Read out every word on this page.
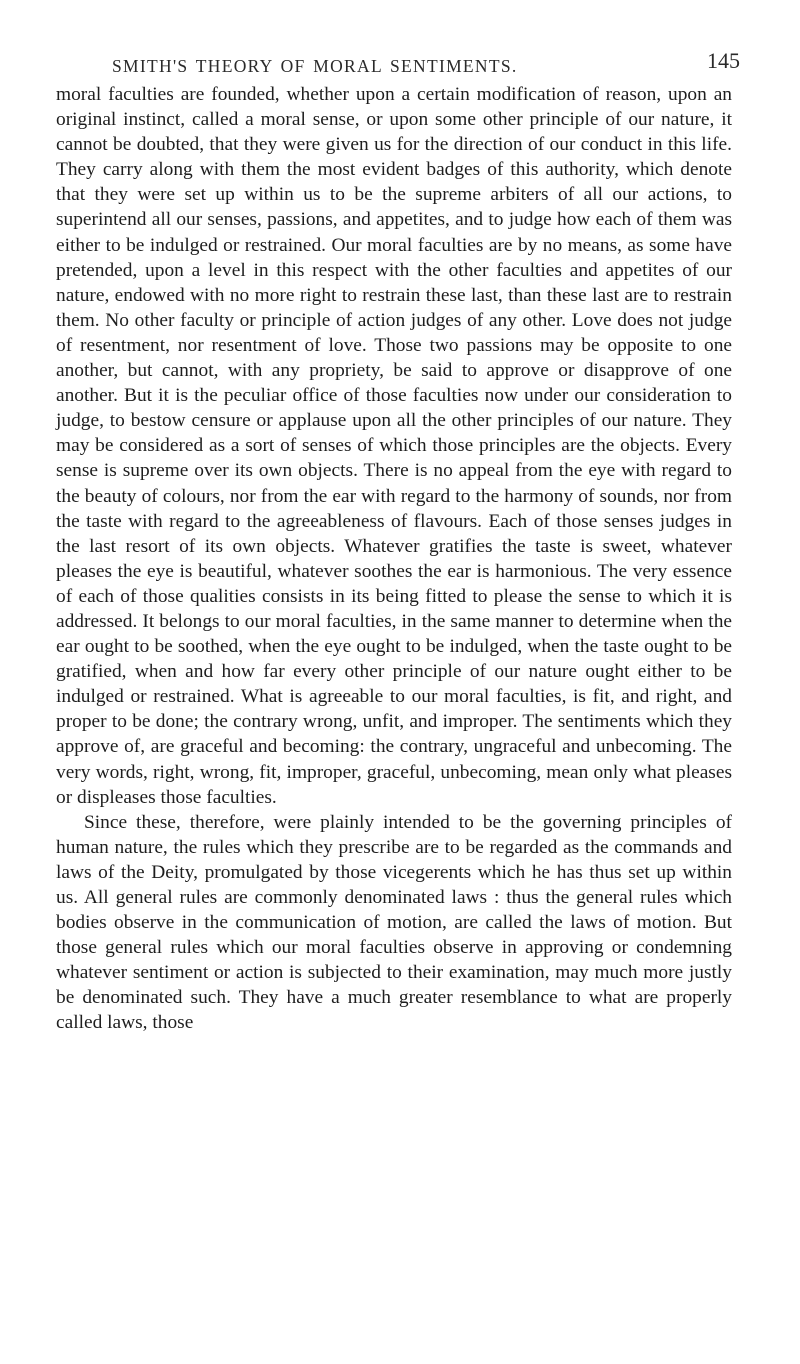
SMITH'S THEORY OF MORAL SENTIMENTS.	145

moral faculties are founded, whether upon a certain modification of reason, upon an original instinct, called a moral sense, or upon some other principle of our nature, it cannot be doubted, that they were given us for the direction of our conduct in this life. They carry along with them the most evident badges of this authority, which denote that they were set up within us to be the supreme arbiters of all our actions, to superintend all our senses, passions, and appetites, and to judge how each of them was either to be indulged or restrained. Our moral faculties are by no means, as some have pretended, upon a level in this respect with the other faculties and appetites of our nature, endowed with no more right to restrain these last, than these last are to restrain them. No other faculty or principle of action judges of any other. Love does not judge of resentment, nor resentment of love. Those two passions may be opposite to one another, but cannot, with any propriety, be said to approve or disapprove of one another. But it is the peculiar office of those faculties now under our consideration to judge, to bestow censure or applause upon all the other principles of our nature. They may be considered as a sort of senses of which those principles are the objects. Every sense is supreme over its own objects. There is no appeal from the eye with regard to the beauty of colours, nor from the ear with regard to the harmony of sounds, nor from the taste with regard to the agreeableness of flavours. Each of those senses judges in the last resort of its own objects. Whatever gratifies the taste is sweet, whatever pleases the eye is beautiful, whatever soothes the ear is harmonious. The very essence of each of those qualities consists in its being fitted to please the sense to which it is addressed. It belongs to our moral faculties, in the same manner to determine when the ear ought to be soothed, when the eye ought to be indulged, when the taste ought to be gratified, when and how far every other principle of our nature ought either to be indulged or restrained. What is agreeable to our moral faculties, is fit, and right, and proper to be done; the contrary wrong, unfit, and improper. The sentiments which they approve of, are graceful and becoming: the contrary, ungraceful and unbecoming. The very words, right, wrong, fit, improper, graceful, unbecoming, mean only what pleases or displeases those faculties.

Since these, therefore, were plainly intended to be the governing principles of human nature, the rules which they prescribe are to be regarded as the commands and laws of the Deity, promulgated by those vicegerents which he has thus set up within us. All general rules are commonly denominated laws : thus the general rules which bodies observe in the communication of motion, are called the laws of motion. But those general rules which our moral faculties observe in approving or condemning whatever sentiment or action is subjected to their examination, may much more justly be denominated such. They have a much greater resemblance to what are properly called laws, those
